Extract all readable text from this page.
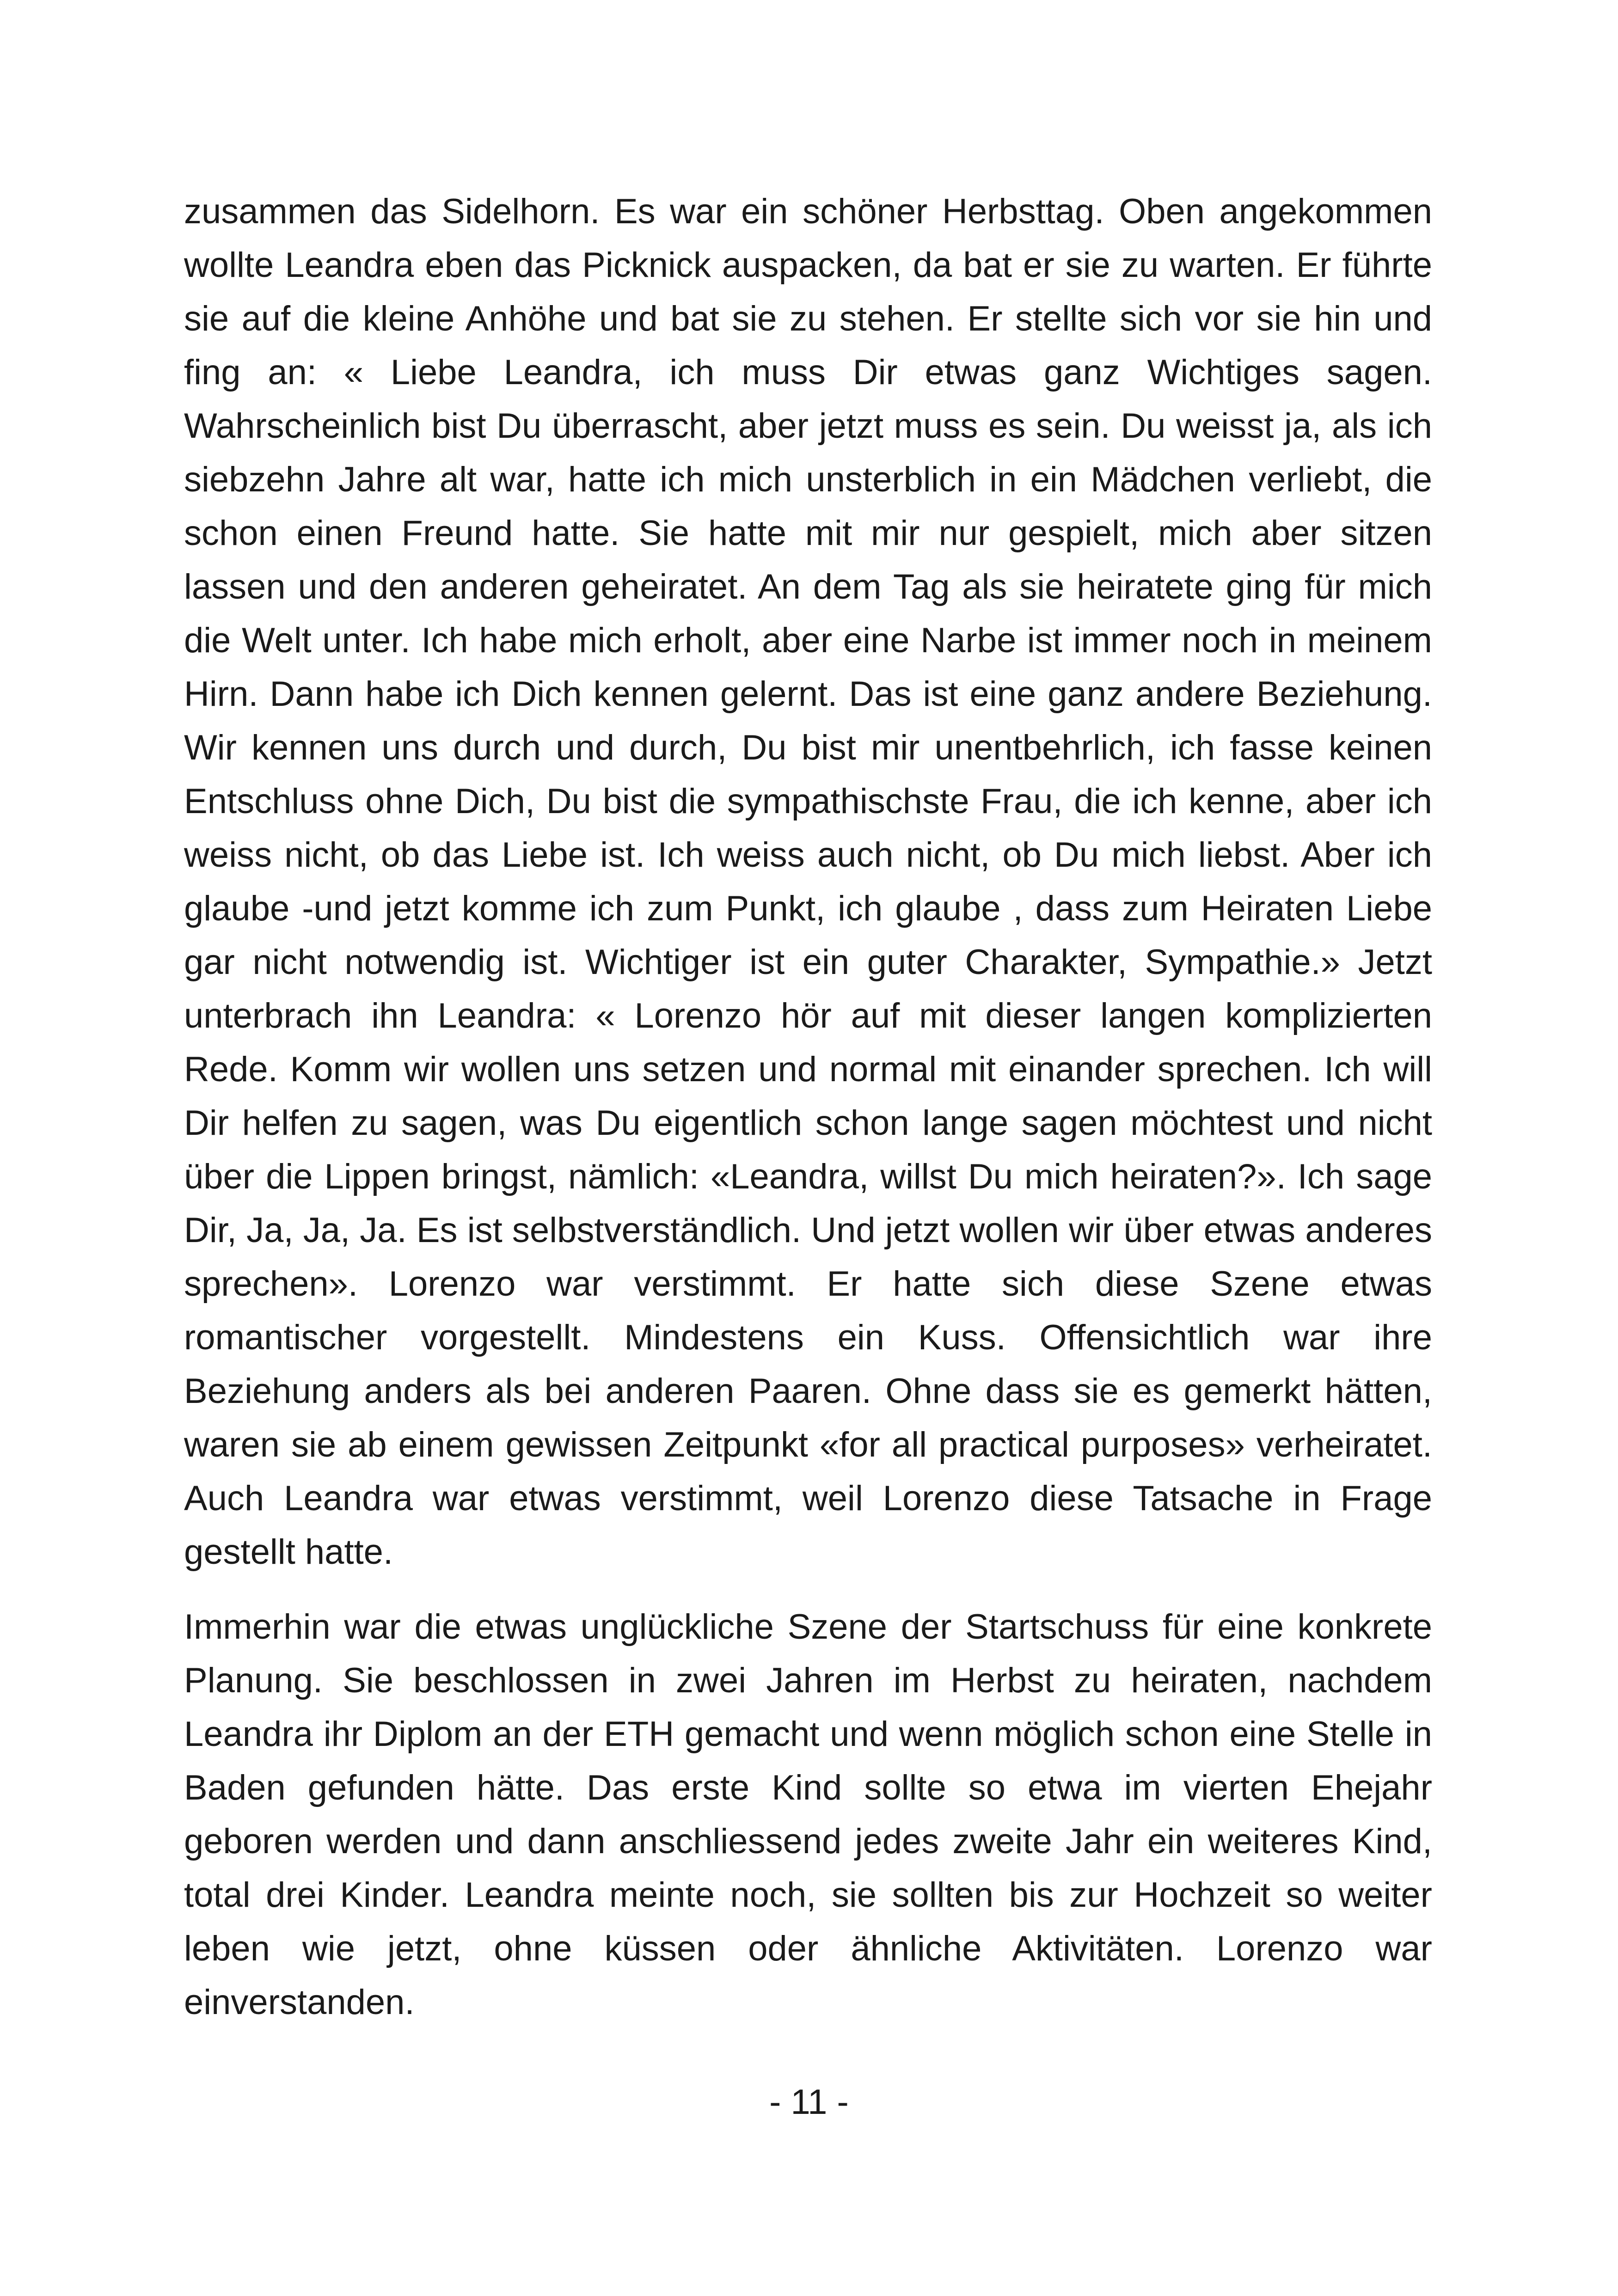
zusammen das Sidelhorn. Es war ein schöner Herbsttag. Oben angekommen wollte Leandra eben das Picknick auspacken, da bat er sie zu warten. Er führte sie auf die kleine Anhöhe und bat sie zu stehen. Er stellte sich vor sie hin und fing an: « Liebe Leandra, ich muss Dir etwas ganz Wichtiges sagen. Wahrscheinlich bist Du überrascht, aber jetzt muss es sein. Du weisst ja, als ich siebzehn Jahre alt war, hatte ich mich unsterblich in ein Mädchen verliebt, die schon einen Freund hatte. Sie hatte mit mir nur gespielt, mich aber sitzen lassen und den anderen geheiratet. An dem Tag als sie heiratete ging für mich die Welt unter. Ich habe mich erholt, aber eine Narbe ist immer noch in meinem Hirn. Dann habe ich Dich kennen gelernt. Das ist eine ganz andere Beziehung. Wir kennen uns durch und durch, Du bist mir unentbehrlich, ich fasse keinen Entschluss ohne Dich, Du bist die sympathischste Frau, die ich kenne, aber ich weiss nicht, ob das Liebe ist. Ich weiss auch nicht, ob Du mich liebst. Aber ich glaube -und jetzt komme ich zum Punkt, ich glaube , dass zum Heiraten Liebe gar nicht notwendig ist. Wichtiger ist ein guter Charakter, Sympathie.» Jetzt unterbrach ihn Leandra: « Lorenzo hör auf mit dieser langen komplizierten Rede. Komm wir wollen uns setzen und normal mit einander sprechen. Ich will Dir helfen zu sagen, was Du eigentlich schon lange sagen möchtest und nicht über die Lippen bringst, nämlich: «Leandra, willst Du mich heiraten?». Ich sage Dir, Ja, Ja, Ja. Es ist selbstverständlich. Und jetzt wollen wir über etwas anderes sprechen». Lorenzo war verstimmt. Er hatte sich diese Szene etwas romantischer vorgestellt. Mindestens ein Kuss. Offensichtlich war ihre Beziehung anders als bei anderen Paaren. Ohne dass sie es gemerkt hätten, waren sie ab einem gewissen Zeitpunkt «for all practical purposes» verheiratet. Auch Leandra war etwas verstimmt, weil Lorenzo diese Tatsache in Frage gestellt hatte.

Immerhin war die etwas unglückliche Szene der Startschuss für eine konkrete Planung. Sie beschlossen in zwei Jahren im Herbst zu heiraten, nachdem Leandra ihr Diplom an der ETH gemacht und wenn möglich schon eine Stelle in Baden gefunden hätte. Das erste Kind sollte so etwa im vierten Ehejahr geboren werden und dann anschliessend jedes zweite Jahr ein weiteres Kind, total drei Kinder. Leandra meinte noch, sie sollten bis zur Hochzeit so weiter leben wie jetzt, ohne küssen oder ähnliche Aktivitäten. Lorenzo war einverstanden.

- 11 -
